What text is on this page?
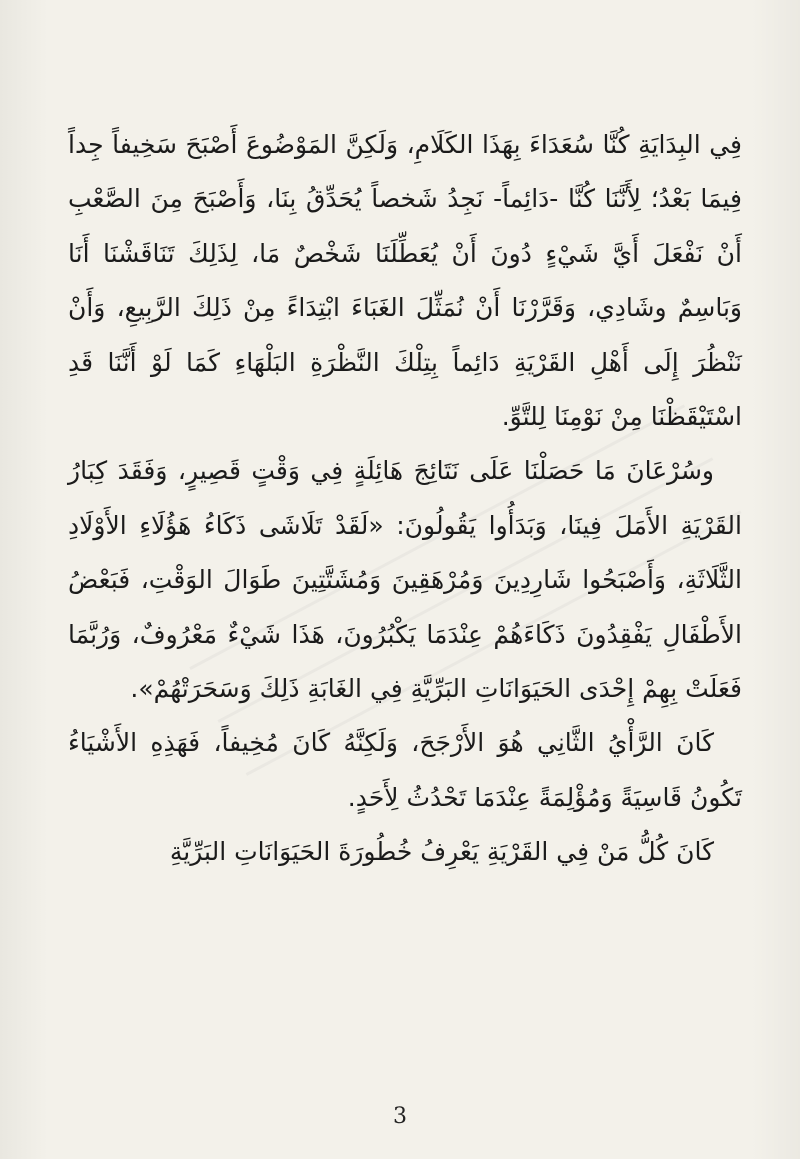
فِي البِدَايَةِ كُنَّا سُعَدَاءَ بِهَذَا الكَلَامِ، وَلَكِنَّ المَوْضُوعَ أَصْبَحَ سَخِيفاً جِداً فِيمَا بَعْدُ؛ لِأَنَّنَا كُنَّا -دَائِماً- نَجِدُ شَخصاً يُحَدِّقُ بِنَا، وَأَصْبَحَ مِنَ الصَّعْبِ أَنْ نَفْعَلَ أَيَّ شَيْءٍ دُونَ أَنْ يُعَطِّلَنَا شَخْصٌ مَا، لِذَلِكَ تَنَاقَشْنَا أَنَا وَبَاسِمٌ وشَادِي، وَقَرَّرْنَا أَنْ نُمَثِّلَ الغَبَاءَ ابْتِدَاءً مِنْ ذَلِكَ الرَّبِيعِ، وَأَنْ نَنْظُرَ إِلَى أَهْلِ القَرْيَةِ دَائِماً بِتِلْكَ النَّظْرَةِ البَلْهَاءِ كَمَا لَوْ أَنَّنَا قَدِ اسْتَيْقَظْنَا مِنْ نَوْمِنَا لِلتَّوِّ.

وسُرْعَانَ مَا حَصَلْنَا عَلَى نَتَائِجَ هَائِلَةٍ فِي وَقْتٍ قَصِيرٍ، وَفَقَدَ كِبَارُ القَرْيَةِ الأَمَلَ فِينَا، وَبَدَأُوا يَقُولُونَ: «لَقَدْ تَلَاشَى ذَكَاءُ هَؤُلَاءِ الأَوْلَادِ الثَّلَاثَةِ، وَأَصْبَحُوا شَارِدِينَ وَمُرْهَقِينَ وَمُشَتَّتِينَ طَوَالَ الوَقْتِ، فَبَعْضُ الأَطْفَالِ يَفْقِدُونَ ذَكَاءَهُمْ عِنْدَمَا يَكْبُرُونَ، هَذَا شَيْءٌ مَعْرُوفٌ، وَرُبَّمَا فَعَلَتْ بِهِمْ إِحْدَى الحَيَوَانَاتِ البَرِّيَّةِ فِي الغَابَةِ ذَلِكَ وَسَحَرَتْهُمْ».

كَانَ الرَّأْيُ الثَّانِي هُوَ الأَرْجَحَ، وَلَكِنَّهُ كَانَ مُخِيفاً، فَهَذِهِ الأَشْيَاءُ تَكُونُ قَاسِيَةً وَمُؤْلِمَةً عِنْدَمَا تَحْدُثُ لِأَحَدٍ.

كَانَ كُلُّ مَنْ فِي القَرْيَةِ يَعْرِفُ خُطُورَةَ الحَيَوَانَاتِ البَرِّيَّةِ

3
